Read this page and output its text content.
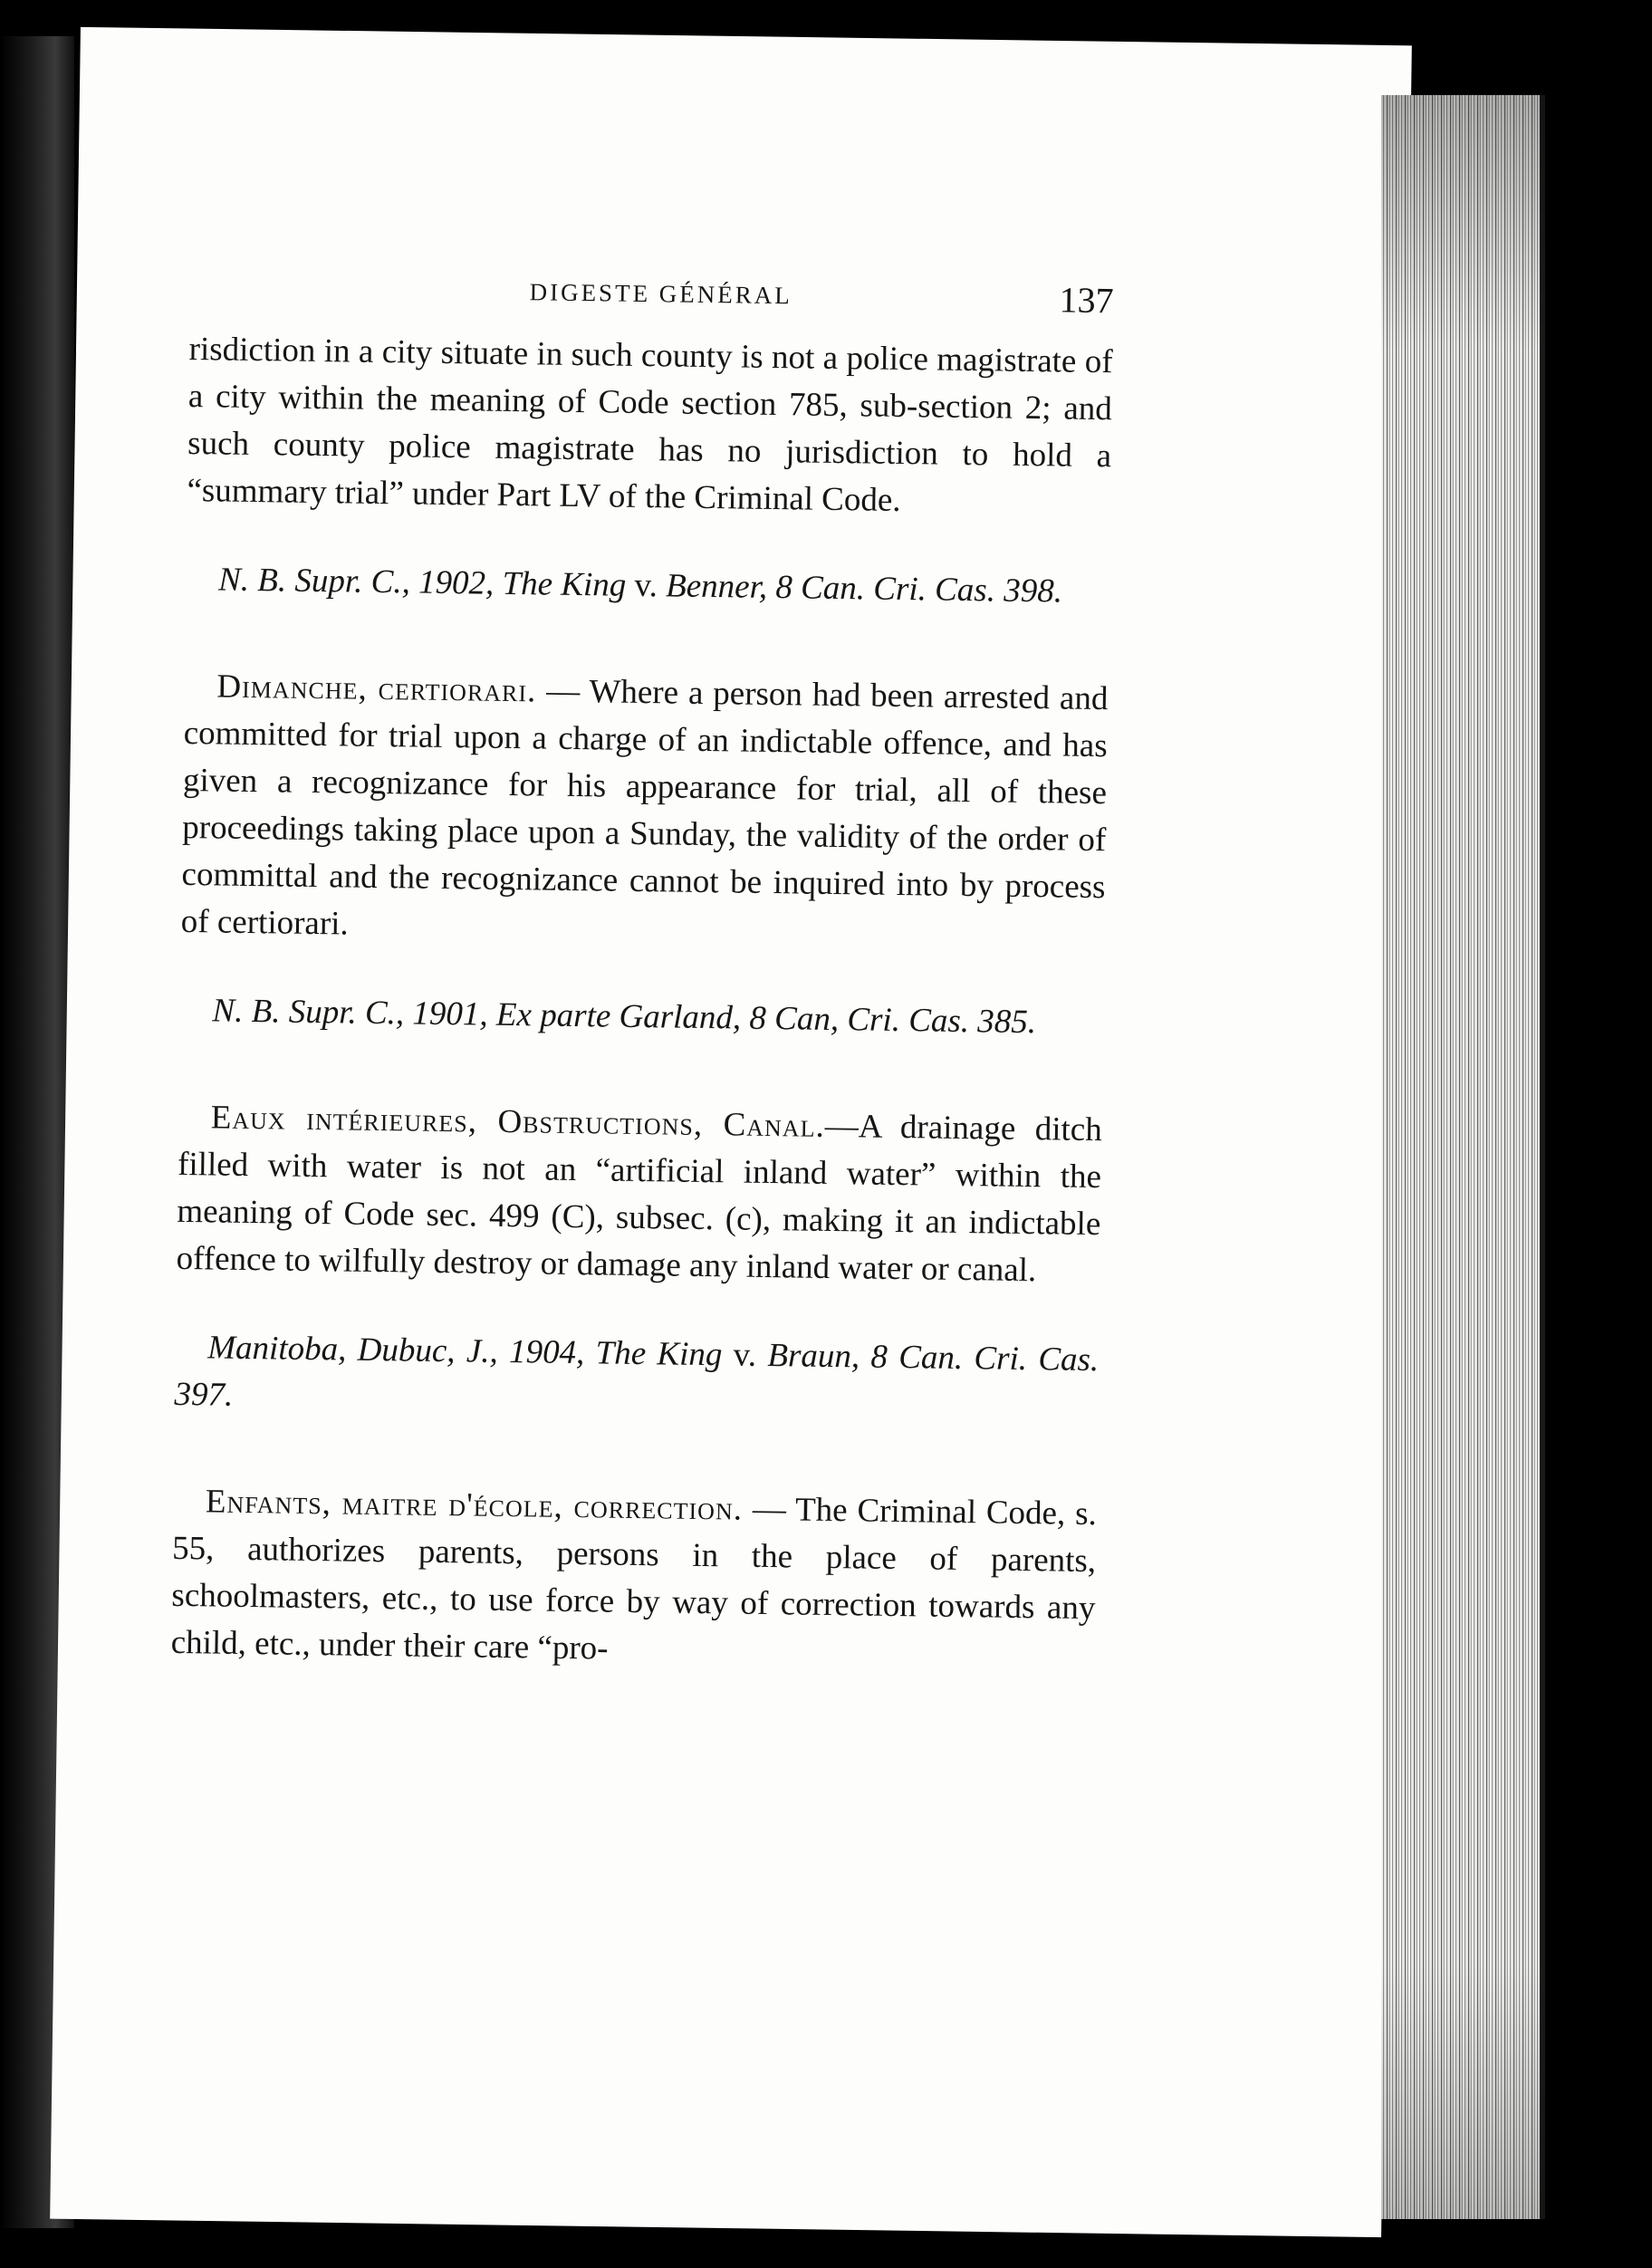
DIGESTE GÉNÉRAL	137

risdiction in a city situate in such county is not a police magistrate of a city within the meaning of Code section 785, sub-section 2; and such county police magistrate has no jurisdiction to hold a “summary trial” under Part LV of the Criminal Code.

N. B. Supr. C., 1902, The King v. Benner, 8 Can. Cri. Cas. 398.

Dimanche, certiorari. — Where a person had been arrested and committed for trial upon a charge of an indictable offence, and has given a recognizance for his appearance for trial, all of these proceedings taking place upon a Sunday, the validity of the order of committal and the recognizance cannot be inquired into by process of certiorari.

N. B. Supr. C., 1901, Ex parte Garland, 8 Can, Cri. Cas. 385.

Eaux intérieures, Obstructions, Canal.—A drainage ditch filled with water is not an “artificial inland water” within the meaning of Code sec. 499 (C), subsec. (c), making it an indictable offence to wilfully destroy or damage any inland water or canal.

Manitoba, Dubuc, J., 1904, The King v. Braun, 8 Can. Cri. Cas. 397.

Enfants, maitre d'école, correction. — The Criminal Code, s. 55, authorizes parents, persons in the place of parents, schoolmasters, etc., to use force by way of correction towards any child, etc., under their care “pro-
